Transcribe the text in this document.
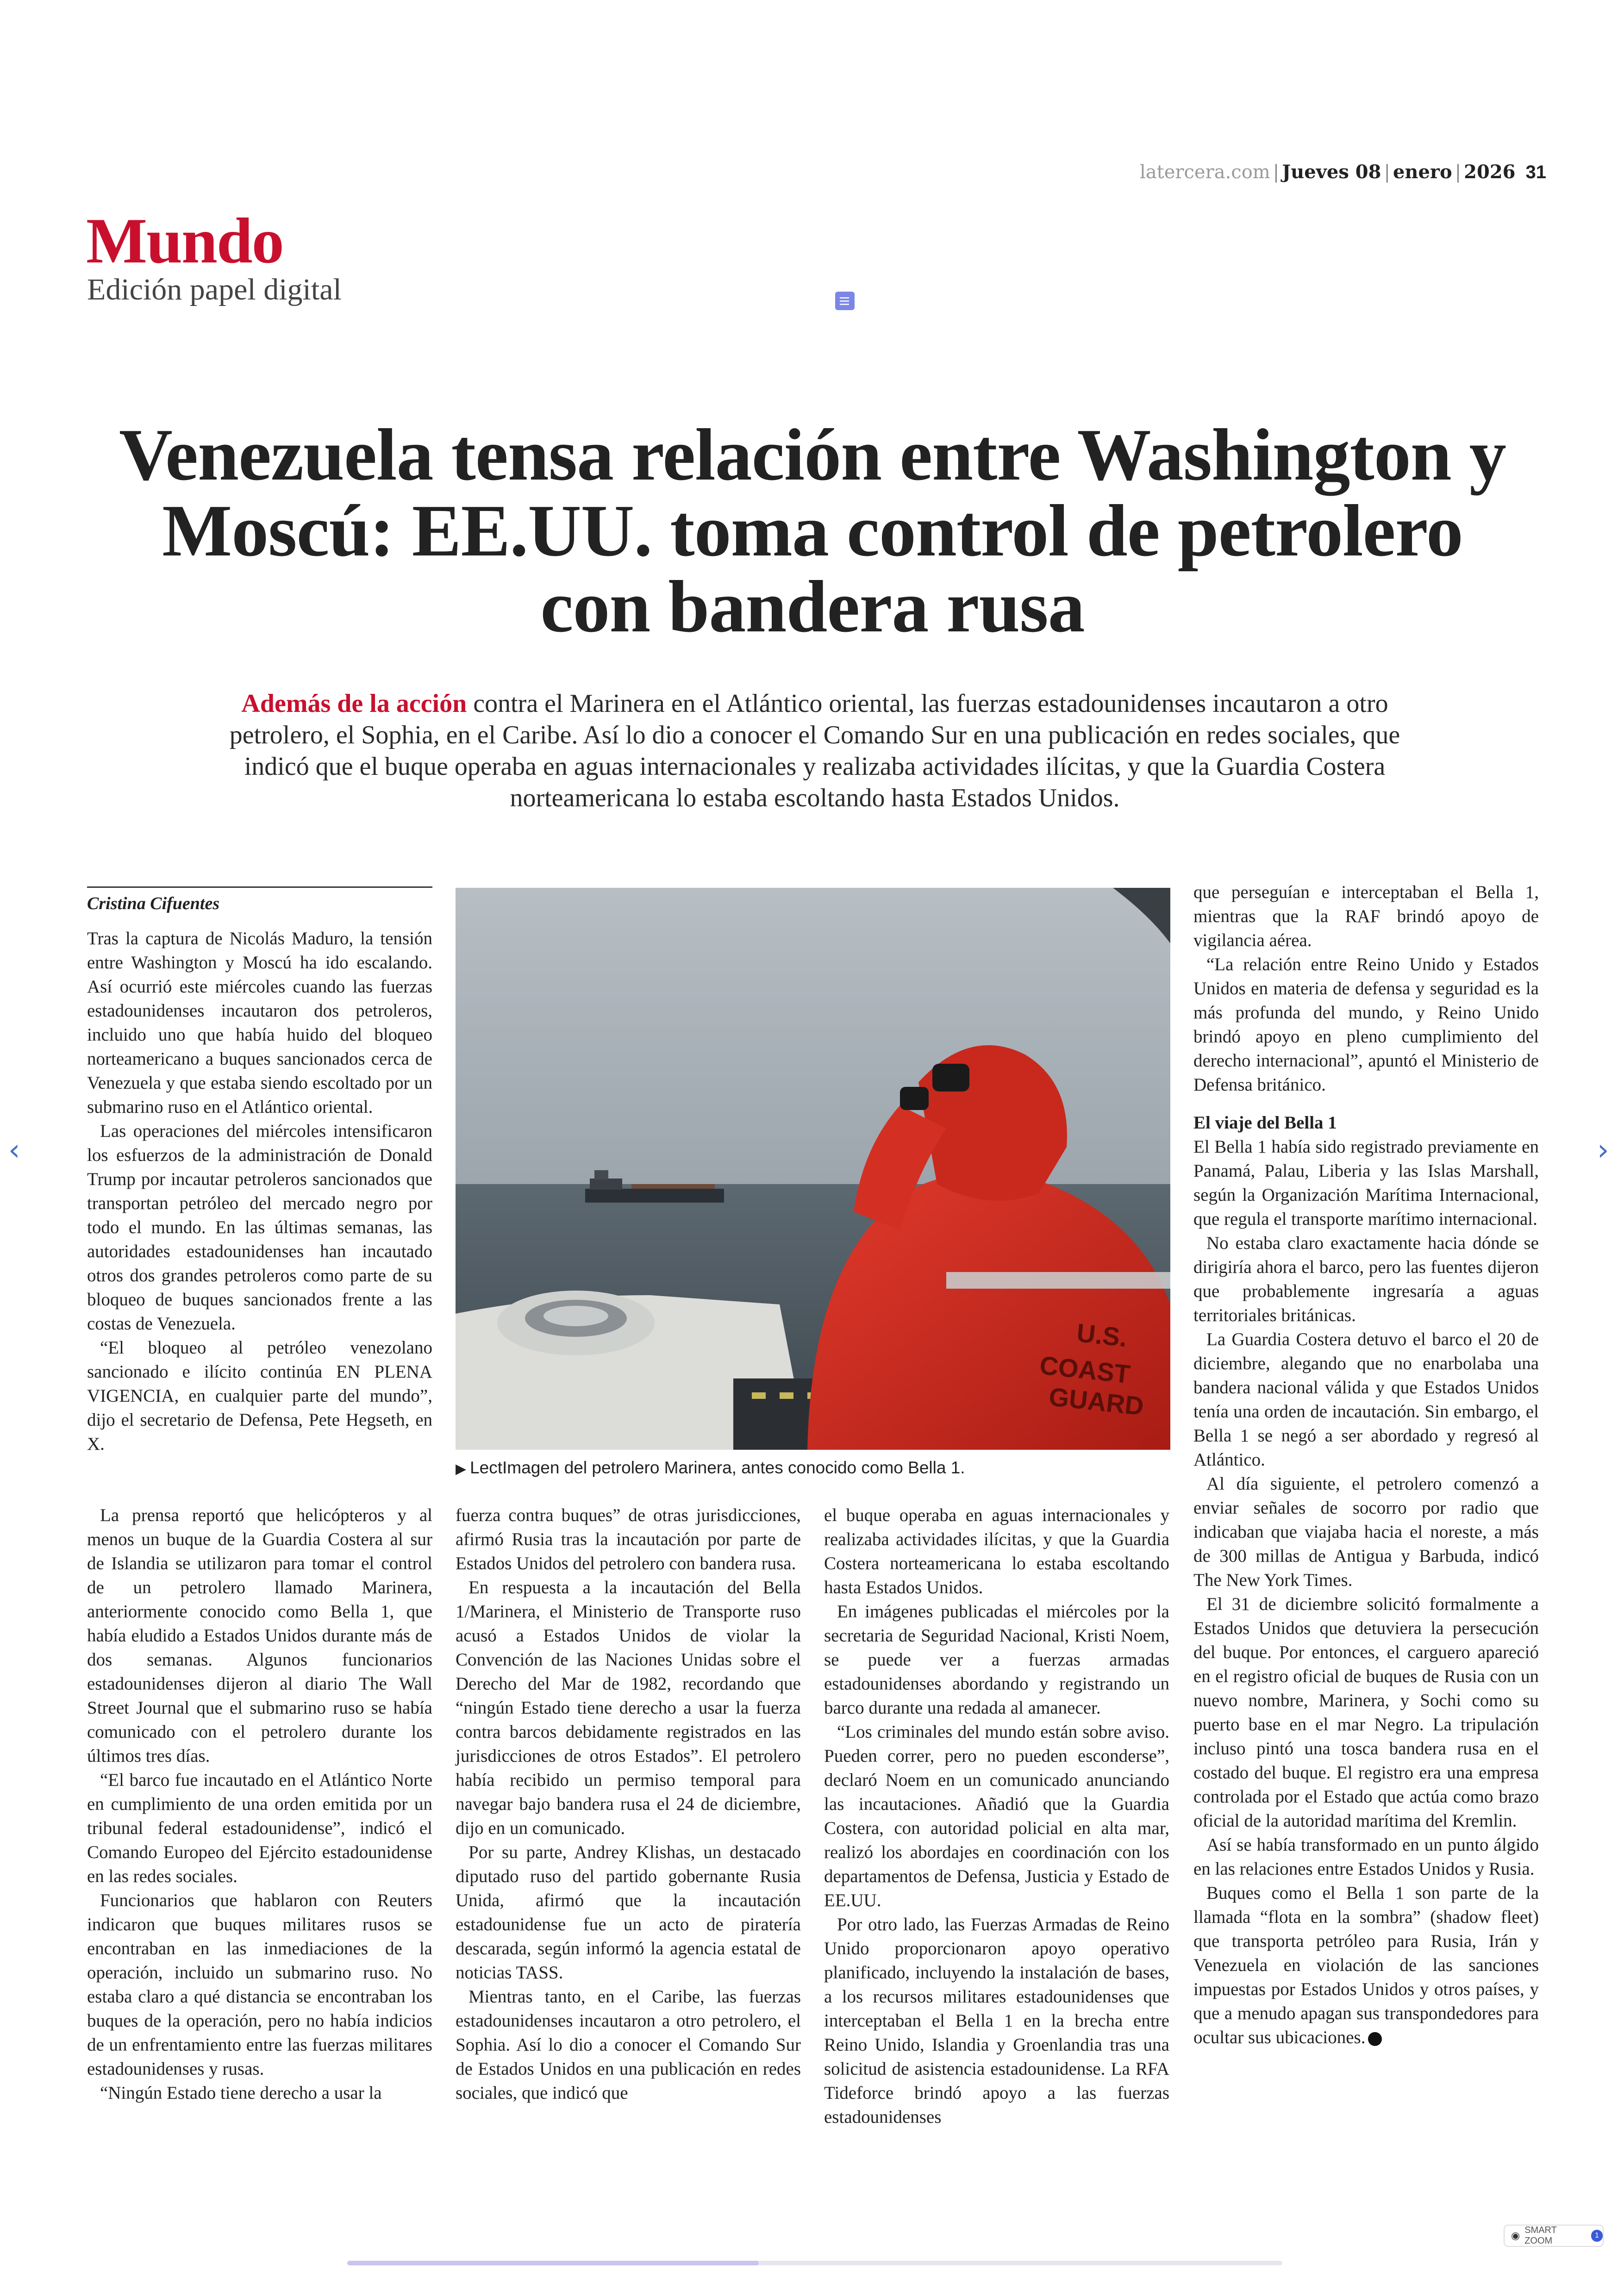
latercera.com | Jueves 08 | enero | 2026 31
Mundo
Edición papel digital
Venezuela tensa relación entre Washington y Moscú: EE.UU. toma control de petrolero con bandera rusa
Además de la acción contra el Marinera en el Atlántico oriental, las fuerzas estadounidenses incautaron a otro petrolero, el Sophia, en el Caribe. Así lo dio a conocer el Comando Sur en una publicación en redes sociales, que indicó que el buque operaba en aguas internacionales y realizaba actividades ilícitas, y que la Guardia Costera norteamericana lo estaba escoltando hasta Estados Unidos.
Cristina Cifuentes

Tras la captura de Nicolás Maduro, la tensión entre Washington y Moscú ha ido escalando. Así ocurrió este miércoles cuando las fuerzas estadounidenses incautaron dos petroleros, incluido uno que había huido del bloqueo norteamericano a buques sancionados cerca de Venezuela y que estaba siendo escoltado por un submarino ruso en el Atlántico oriental.

Las operaciones del miércoles intensificaron los esfuerzos de la administración de Donald Trump por incautar petroleros sancionados que transportan petróleo del mercado negro por todo el mundo. En las últimas semanas, las autoridades estadounidenses han incautado otros dos grandes petroleros como parte de su bloqueo de buques sancionados frente a las costas de Venezuela.

“El bloqueo al petróleo venezolano sancionado e ilícito continúa EN PLENA VIGENCIA, en cualquier parte del mundo”, dijo el secretario de Defensa, Pete Hegseth, en X.

U.S.
COAST
GUARD
▶ LectImagen del petrolero Marinera, antes conocido como Bella 1.

La prensa reportó que helicópteros y al menos un buque de la Guardia Costera al sur de Islandia se utilizaron para tomar el control de un petrolero llamado Marinera, anteriormente conocido como Bella 1, que había eludido a Estados Unidos durante más de dos semanas. Algunos funcionarios estadounidenses dijeron al diario The Wall Street Journal que el submarino ruso se había comunicado con el petrolero durante los últimos tres días.

“El barco fue incautado en el Atlántico Norte en cumplimiento de una orden emitida por un tribunal federal estadounidense”, indicó el Comando Europeo del Ejército estadounidense en las redes sociales.

Funcionarios que hablaron con Reuters indicaron que buques militares rusos se encontraban en las inmediaciones de la operación, incluido un submarino ruso. No estaba claro a qué distancia se encontraban los buques de la operación, pero no había indicios de un enfrentamiento entre las fuerzas militares estadounidenses y rusas.

“Ningún Estado tiene derecho a usar la

fuerza contra buques” de otras jurisdicciones, afirmó Rusia tras la incautación por parte de Estados Unidos del petrolero con bandera rusa.

En respuesta a la incautación del Bella 1/Marinera, el Ministerio de Transporte ruso acusó a Estados Unidos de violar la Convención de las Naciones Unidas sobre el Derecho del Mar de 1982, recordando que “ningún Estado tiene derecho a usar la fuerza contra barcos debidamente registrados en las jurisdicciones de otros Estados”. El petrolero había recibido un permiso temporal para navegar bajo bandera rusa el 24 de diciembre, dijo en un comunicado.

Por su parte, Andrey Klishas, un destacado diputado ruso del partido gobernante Rusia Unida, afirmó que la incautación estadounidense fue un acto de piratería descarada, según informó la agencia estatal de noticias TASS.

Mientras tanto, en el Caribe, las fuerzas estadounidenses incautaron a otro petrolero, el Sophia. Así lo dio a conocer el Comando Sur de Estados Unidos en una publicación en redes sociales, que indicó que

el buque operaba en aguas internacionales y realizaba actividades ilícitas, y que la Guardia Costera norteamericana lo estaba escoltando hasta Estados Unidos.

En imágenes publicadas el miércoles por la secretaria de Seguridad Nacional, Kristi Noem, se puede ver a fuerzas armadas estadounidenses abordando y registrando un barco durante una redada al amanecer.

“Los criminales del mundo están sobre aviso. Pueden correr, pero no pueden esconderse”, declaró Noem en un comunicado anunciando las incautaciones. Añadió que la Guardia Costera, con autoridad policial en alta mar, realizó los abordajes en coordinación con los departamentos de Defensa, Justicia y Estado de EE.UU.

Por otro lado, las Fuerzas Armadas de Reino Unido proporcionaron apoyo operativo planificado, incluyendo la instalación de bases, a los recursos militares estadounidenses que interceptaban el Bella 1 en la brecha entre Reino Unido, Islandia y Groenlandia tras una solicitud de asistencia estadounidense. La RFA Tideforce brindó apoyo a las fuerzas estadounidenses

que perseguían e interceptaban el Bella 1, mientras que la RAF brindó apoyo de vigilancia aérea.

“La relación entre Reino Unido y Estados Unidos en materia de defensa y seguridad es la más profunda del mundo, y Reino Unido brindó apoyo en pleno cumplimiento del derecho internacional”, apuntó el Ministerio de Defensa británico.

El viaje del Bella 1

El Bella 1 había sido registrado previamente en Panamá, Palau, Liberia y las Islas Marshall, según la Organización Marítima Internacional, que regula el transporte marítimo internacional.

No estaba claro exactamente hacia dónde se dirigiría ahora el barco, pero las fuentes dijeron que probablemente ingresaría a aguas territoriales británicas.

La Guardia Costera detuvo el barco el 20 de diciembre, alegando que no enarbolaba una bandera nacional válida y que Estados Unidos tenía una orden de incautación. Sin embargo, el Bella 1 se negó a ser abordado y regresó al Atlántico.

Al día siguiente, el petrolero comenzó a enviar señales de socorro por radio que indicaban que viajaba hacia el noreste, a más de 300 millas de Antigua y Barbuda, indicó The New York Times.

El 31 de diciembre solicitó formalmente a Estados Unidos que detuviera la persecución del buque. Por entonces, el carguero apareció en el registro oficial de buques de Rusia con un nuevo nombre, Marinera, y Sochi como su puerto base en el mar Negro. La tripulación incluso pintó una tosca bandera rusa en el costado del buque. El registro era una empresa controlada por el Estado que actúa como brazo oficial de la autoridad marítima del Kremlin.

Así se había transformado en un punto álgido en las relaciones entre Estados Unidos y Rusia.

Buques como el Bella 1 son parte de la llamada “flota en la sombra” (shadow fleet) que transporta petróleo para Rusia, Irán y Venezuela en violación de las sanciones impuestas por Estados Unidos y otros países, y que a menudo apagan sus transpondedores para ocultar sus ubicaciones.

‹	›
◉ SMART ZOOM
1
